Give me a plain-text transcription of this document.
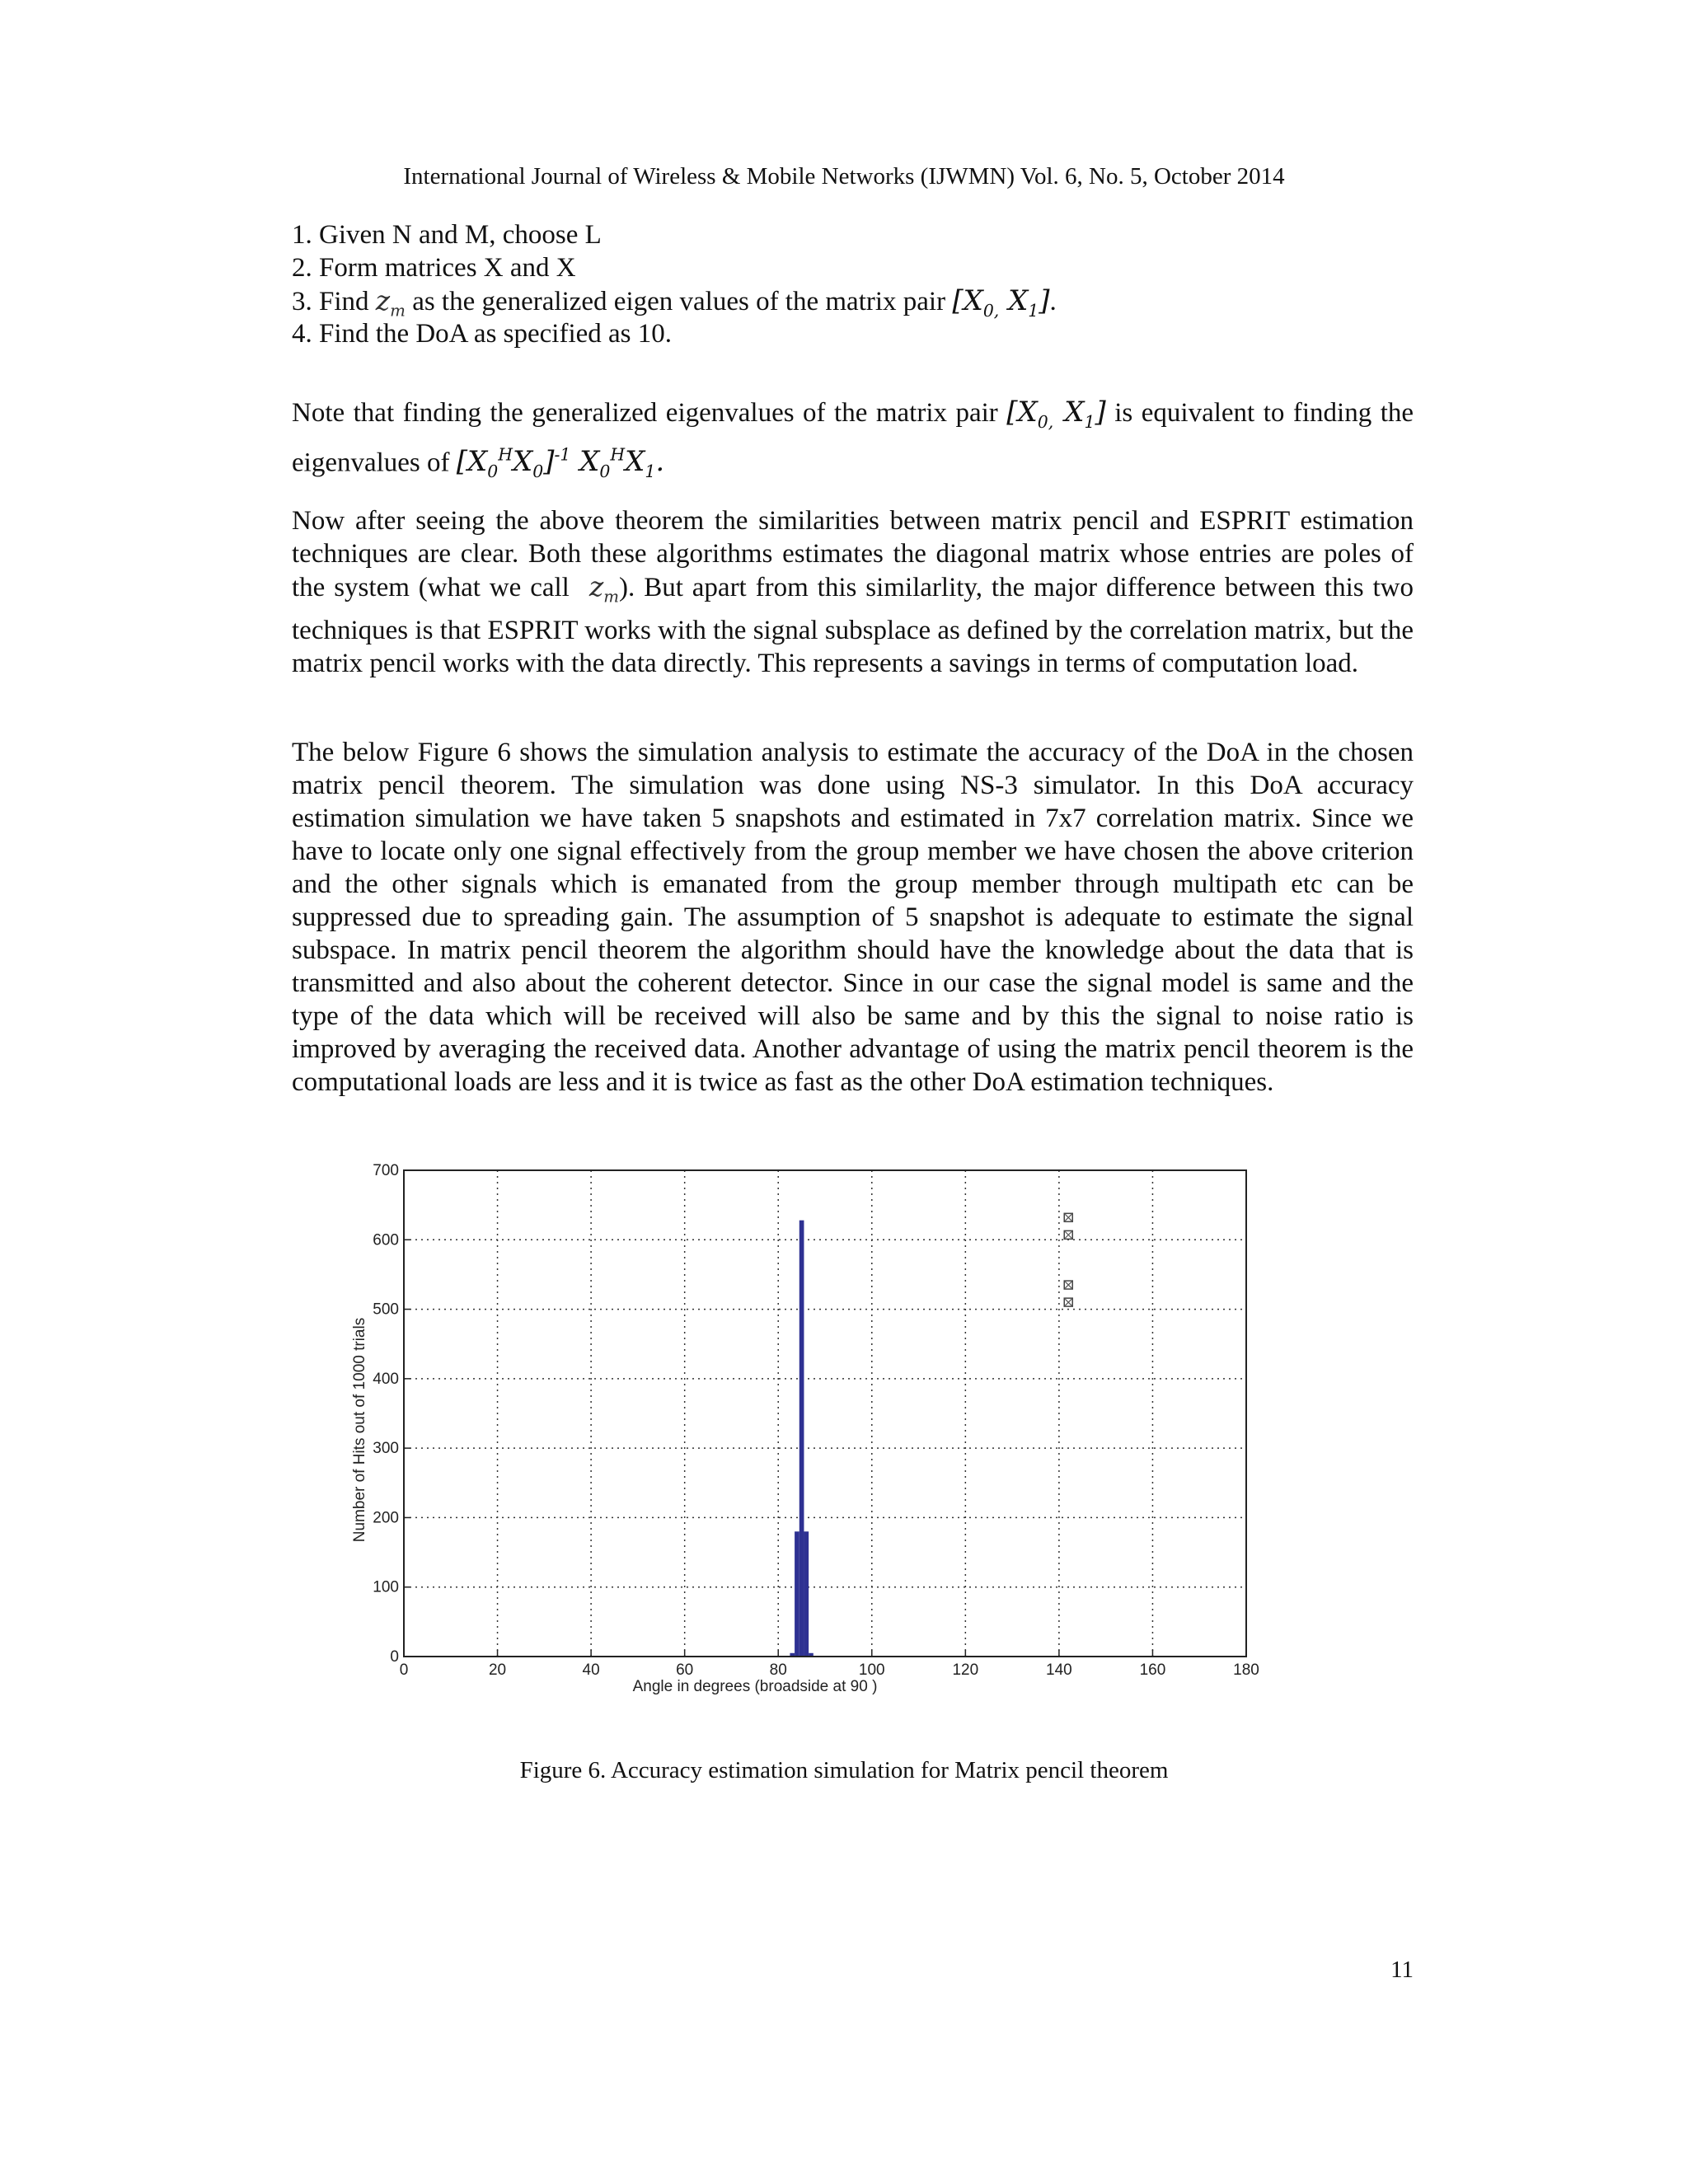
International Journal of Wireless & Mobile Networks (IJWMN) Vol. 6, No. 5, October 2014
1. Given N and M, choose L
2. Form matrices X and X
3. Find $z_m$ as the generalized eigen values of the matrix pair [$X_{0,}$ $X_1$].
4. Find the DoA as specified as 10.
Note that finding the generalized eigenvalues of the matrix pair [$X_{0,}$ $X_1$] is equivalent to finding the eigenvalues of $[X_0^HX_0]^{-1}$ $X_0^HX_1$.
Now after seeing the above theorem the similarities between matrix pencil and ESPRIT estimation techniques are clear. Both these algorithms estimates the diagonal matrix whose entries are poles of the system (what we call  $z_m$). But apart from this similarlity, the major difference between this two techniques is that ESPRIT works with the signal subsplace as defined by the correlation matrix, but the matrix pencil works with the data directly. This represents a savings in terms of computation load.
The below Figure 6 shows the simulation analysis to estimate the accuracy of the DoA in the chosen matrix pencil theorem. The simulation was done using NS-3 simulator. In this DoA accuracy estimation simulation we have taken 5 snapshots and estimated in 7x7 correlation matrix. Since we have to locate only one signal effectively from the group member we have chosen the above criterion and the other signals which is emanated from the group member through multipath etc can be suppressed due to spreading gain. The assumption of 5 snapshot is adequate to estimate the signal subspace. In matrix pencil theorem the algorithm should have the knowledge about the data that is transmitted and also about the coherent detector. Since in our case the signal model is same and the type of the data which will be received will also be same and by this the signal to noise ratio is improved by averaging the received data. Another advantage of using the matrix pencil theorem is the computational loads are less and it is twice as fast as the other DoA estimation techniques.
0	20	40	60	80	100	120	140	160	180
0
100
200
300
400
500
600
700
Angle in degrees (broadside at 90 )
Number of Hits out of 1000 trials
Figure 6. Accuracy estimation simulation for Matrix pencil theorem
11
